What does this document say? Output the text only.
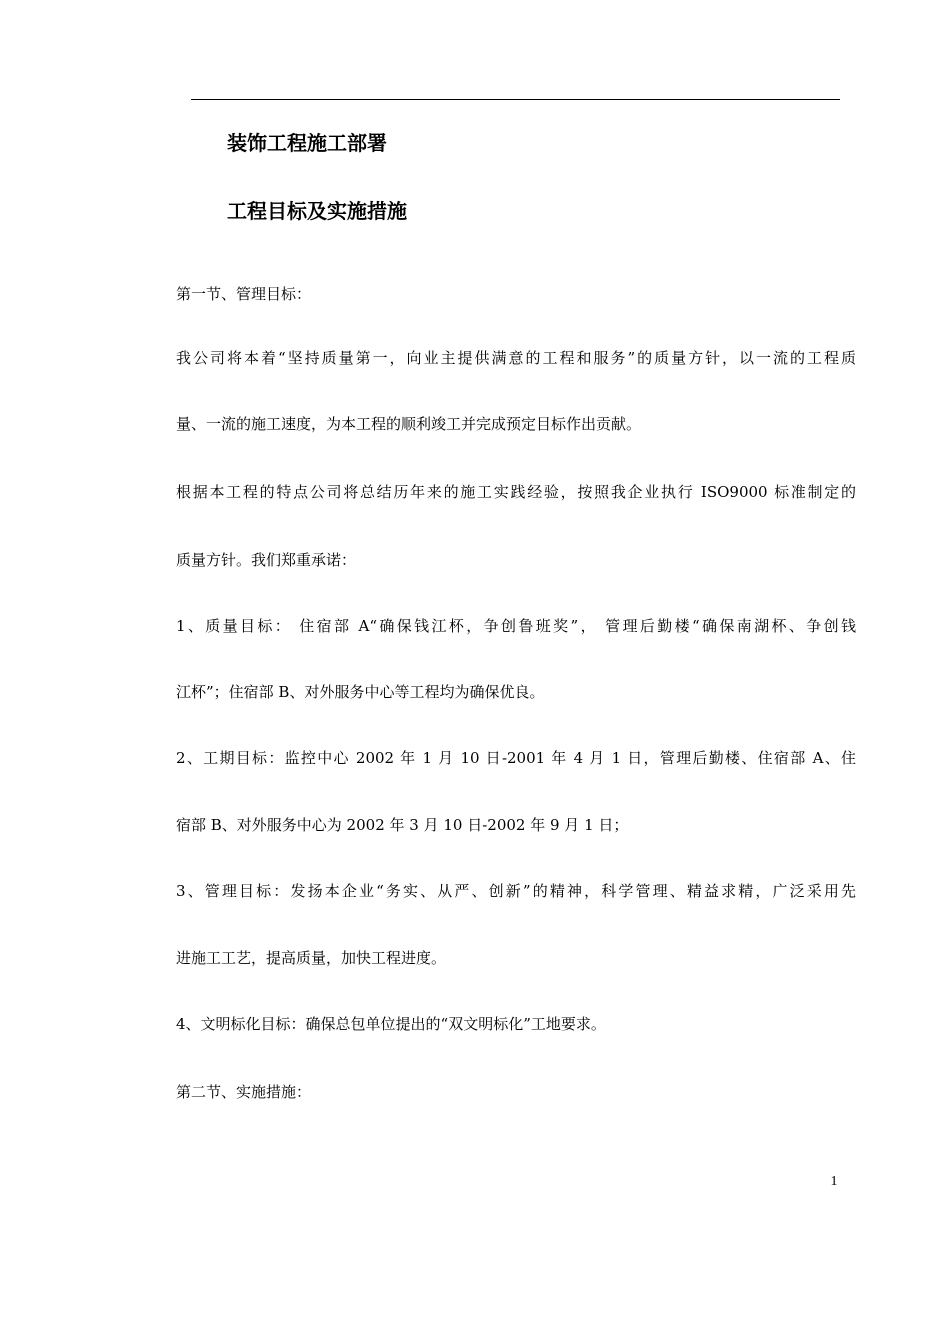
装饰工程施工部署
工程目标及实施措施
第一节、管理目标：
我公司将本着“坚持质量第一，向业主提供满意的工程和服务”的质量方针，以一流的工程质
量、一流的施工速度，为本工程的顺利竣工并完成预定目标作出贡献。
根据本工程的特点公司将总结历年来的施工实践经验，按照我企业执行 ISO9000 标准制定的
质量方针。我们郑重承诺：
1、质量目标： 住宿部 A“确保钱江杯，争创鲁班奖”， 管理后勤楼“确保南湖杯、争创钱
江杯”；住宿部 B、对外服务中心等工程均为确保优良。
2、工期目标：监控中心 2002 年 1 月 10 日-2001 年 4 月 1 日，管理后勤楼、住宿部 A、住
宿部 B、对外服务中心为 2002 年 3 月 10 日-2002 年 9 月 1 日；
3、管理目标：发扬本企业“务实、从严、创新”的精神，科学管理、精益求精，广泛采用先
进施工工艺，提高质量，加快工程进度。
4、文明标化目标：确保总包单位提出的“双文明标化”工地要求。
第二节、实施措施：
1
